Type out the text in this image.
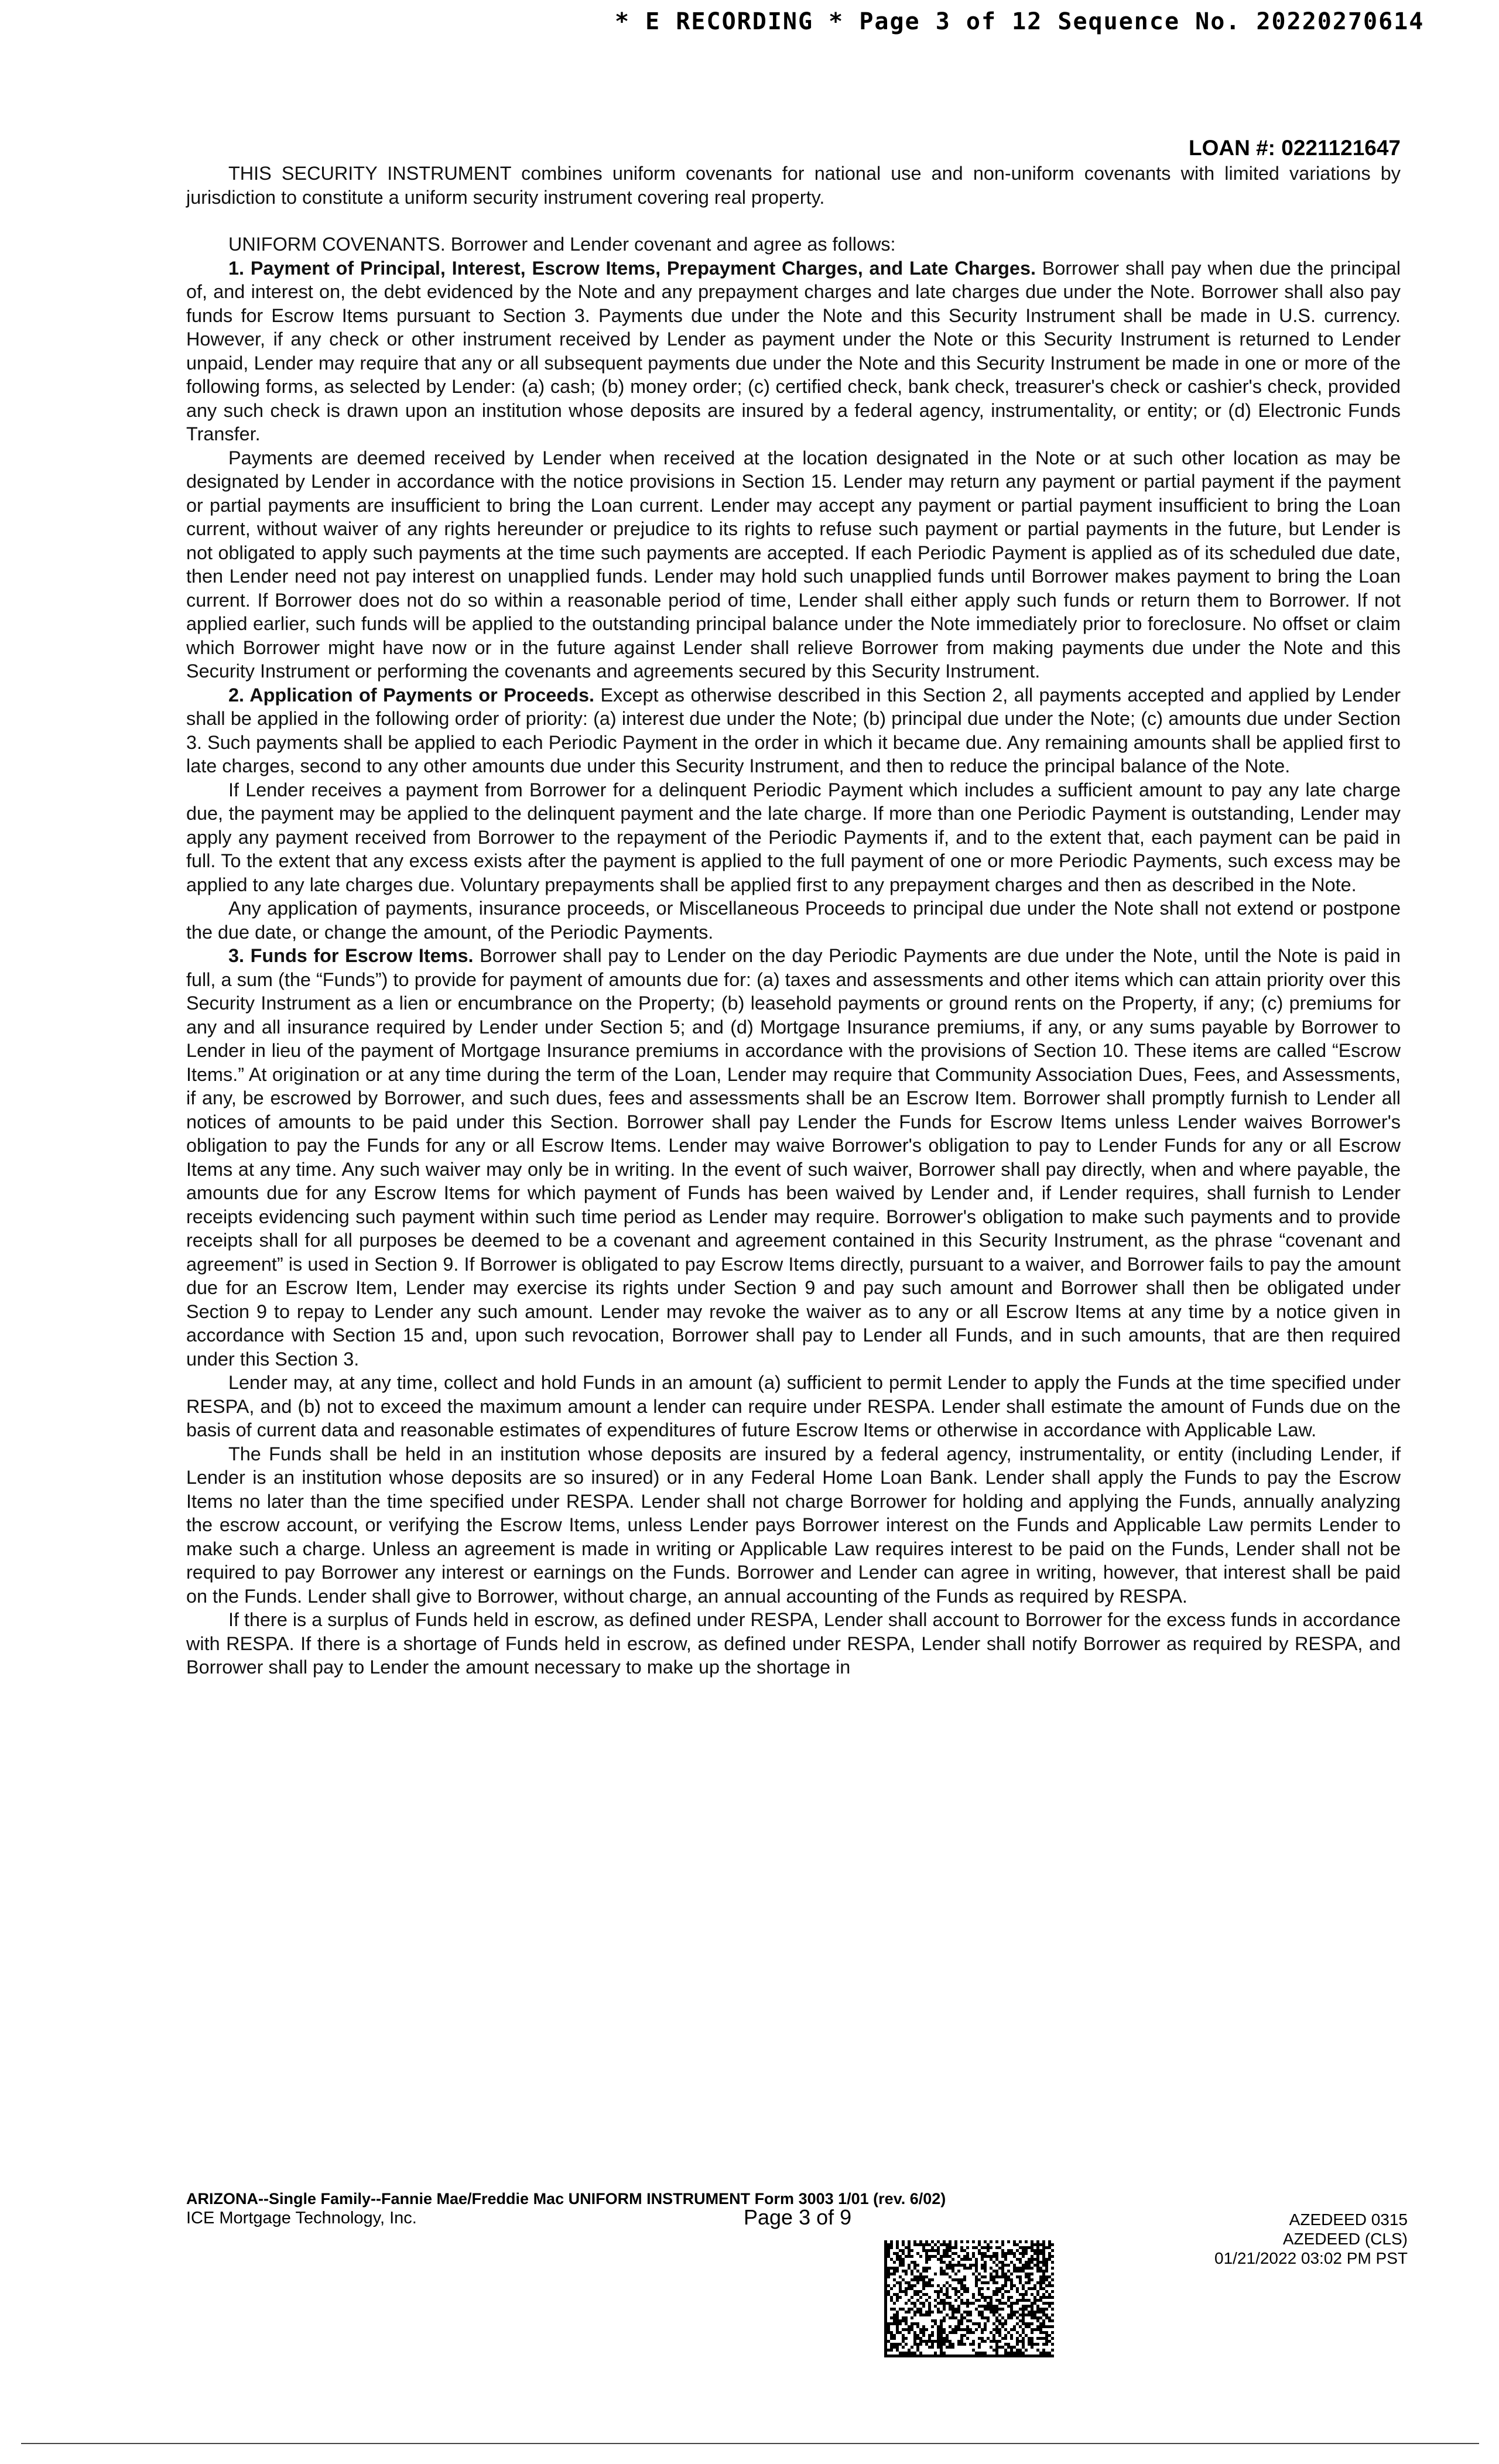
* E RECORDING * Page 3 of 12 Sequence No. 20220270614
LOAN #: 0221121647

THIS SECURITY INSTRUMENT combines uniform covenants for national use and non-uniform covenants with limited variations by jurisdiction to constitute a uniform security instrument covering real property.

UNIFORM COVENANTS. Borrower and Lender covenant and agree as follows:

1. Payment of Principal, Interest, Escrow Items, Prepayment Charges, and Late Charges. Borrower shall pay when due the principal of, and interest on, the debt evidenced by the Note and any prepayment charges and late charges due under the Note. Borrower shall also pay funds for Escrow Items pursuant to Section 3. Payments due under the Note and this Security Instrument shall be made in U.S. currency. However, if any check or other instrument received by Lender as payment under the Note or this Security Instrument is returned to Lender unpaid, Lender may require that any or all subsequent payments due under the Note and this Security Instrument be made in one or more of the following forms, as selected by Lender: (a) cash; (b) money order; (c) certified check, bank check, treasurer's check or cashier's check, provided any such check is drawn upon an institution whose deposits are insured by a federal agency, instrumentality, or entity; or (d) Electronic Funds Transfer.

Payments are deemed received by Lender when received at the location designated in the Note or at such other location as may be designated by Lender in accordance with the notice provisions in Section 15. Lender may return any payment or partial payment if the payment or partial payments are insufficient to bring the Loan current. Lender may accept any payment or partial payment insufficient to bring the Loan current, without waiver of any rights hereunder or prejudice to its rights to refuse such payment or partial payments in the future, but Lender is not obligated to apply such payments at the time such payments are accepted. If each Periodic Payment is applied as of its scheduled due date, then Lender need not pay interest on unapplied funds. Lender may hold such unapplied funds until Borrower makes payment to bring the Loan current. If Borrower does not do so within a reasonable period of time, Lender shall either apply such funds or return them to Borrower. If not applied earlier, such funds will be applied to the outstanding principal balance under the Note immediately prior to foreclosure. No offset or claim which Borrower might have now or in the future against Lender shall relieve Borrower from making payments due under the Note and this Security Instrument or performing the covenants and agreements secured by this Security Instrument.

2. Application of Payments or Proceeds. Except as otherwise described in this Section 2, all payments accepted and applied by Lender shall be applied in the following order of priority: (a) interest due under the Note; (b) principal due under the Note; (c) amounts due under Section 3. Such payments shall be applied to each Periodic Payment in the order in which it became due. Any remaining amounts shall be applied first to late charges, second to any other amounts due under this Security Instrument, and then to reduce the principal balance of the Note.

If Lender receives a payment from Borrower for a delinquent Periodic Payment which includes a sufficient amount to pay any late charge due, the payment may be applied to the delinquent payment and the late charge. If more than one Periodic Payment is outstanding, Lender may apply any payment received from Borrower to the repayment of the Periodic Payments if, and to the extent that, each payment can be paid in full. To the extent that any excess exists after the payment is applied to the full payment of one or more Periodic Payments, such excess may be applied to any late charges due. Voluntary prepayments shall be applied first to any prepayment charges and then as described in the Note.

Any application of payments, insurance proceeds, or Miscellaneous Proceeds to principal due under the Note shall not extend or postpone the due date, or change the amount, of the Periodic Payments.

3. Funds for Escrow Items. Borrower shall pay to Lender on the day Periodic Payments are due under the Note, until the Note is paid in full, a sum (the “Funds”) to provide for payment of amounts due for: (a) taxes and assessments and other items which can attain priority over this Security Instrument as a lien or encumbrance on the Property; (b) leasehold payments or ground rents on the Property, if any; (c) premiums for any and all insurance required by Lender under Section 5; and (d) Mortgage Insurance premiums, if any, or any sums payable by Borrower to Lender in lieu of the payment of Mortgage Insurance premiums in accordance with the provisions of Section 10. These items are called “Escrow Items.” At origination or at any time during the term of the Loan, Lender may require that Community Association Dues, Fees, and Assessments, if any, be escrowed by Borrower, and such dues, fees and assessments shall be an Escrow Item. Borrower shall promptly furnish to Lender all notices of amounts to be paid under this Section. Borrower shall pay Lender the Funds for Escrow Items unless Lender waives Borrower's obligation to pay the Funds for any or all Escrow Items. Lender may waive Borrower's obligation to pay to Lender Funds for any or all Escrow Items at any time. Any such waiver may only be in writing. In the event of such waiver, Borrower shall pay directly, when and where payable, the amounts due for any Escrow Items for which payment of Funds has been waived by Lender and, if Lender requires, shall furnish to Lender receipts evidencing such payment within such time period as Lender may require. Borrower's obligation to make such payments and to provide receipts shall for all purposes be deemed to be a covenant and agreement contained in this Security Instrument, as the phrase “covenant and agreement” is used in Section 9. If Borrower is obligated to pay Escrow Items directly, pursuant to a waiver, and Borrower fails to pay the amount due for an Escrow Item, Lender may exercise its rights under Section 9 and pay such amount and Borrower shall then be obligated under Section 9 to repay to Lender any such amount. Lender may revoke the waiver as to any or all Escrow Items at any time by a notice given in accordance with Section 15 and, upon such revocation, Borrower shall pay to Lender all Funds, and in such amounts, that are then required under this Section 3.

Lender may, at any time, collect and hold Funds in an amount (a) sufficient to permit Lender to apply the Funds at the time specified under RESPA, and (b) not to exceed the maximum amount a lender can require under RESPA. Lender shall estimate the amount of Funds due on the basis of current data and reasonable estimates of expenditures of future Escrow Items or otherwise in accordance with Applicable Law.

The Funds shall be held in an institution whose deposits are insured by a federal agency, instrumentality, or entity (including Lender, if Lender is an institution whose deposits are so insured) or in any Federal Home Loan Bank. Lender shall apply the Funds to pay the Escrow Items no later than the time specified under RESPA. Lender shall not charge Borrower for holding and applying the Funds, annually analyzing the escrow account, or verifying the Escrow Items, unless Lender pays Borrower interest on the Funds and Applicable Law permits Lender to make such a charge. Unless an agreement is made in writing or Applicable Law requires interest to be paid on the Funds, Lender shall not be required to pay Borrower any interest or earnings on the Funds. Borrower and Lender can agree in writing, however, that interest shall be paid on the Funds. Lender shall give to Borrower, without charge, an annual accounting of the Funds as required by RESPA.

If there is a surplus of Funds held in escrow, as defined under RESPA, Lender shall account to Borrower for the excess funds in accordance with RESPA. If there is a shortage of Funds held in escrow, as defined under RESPA, Lender shall notify Borrower as required by RESPA, and Borrower shall pay to Lender the amount necessary to make up the shortage in

ARIZONA--Single Family--Fannie Mae/Freddie Mac UNIFORM INSTRUMENT Form 3003 1/01 (rev. 6/02)
ICE Mortgage Technology, Inc.	Page 3 of 9	AZEDEED 0315
AZEDEED (CLS)
01/21/2022 03:02 PM PST
